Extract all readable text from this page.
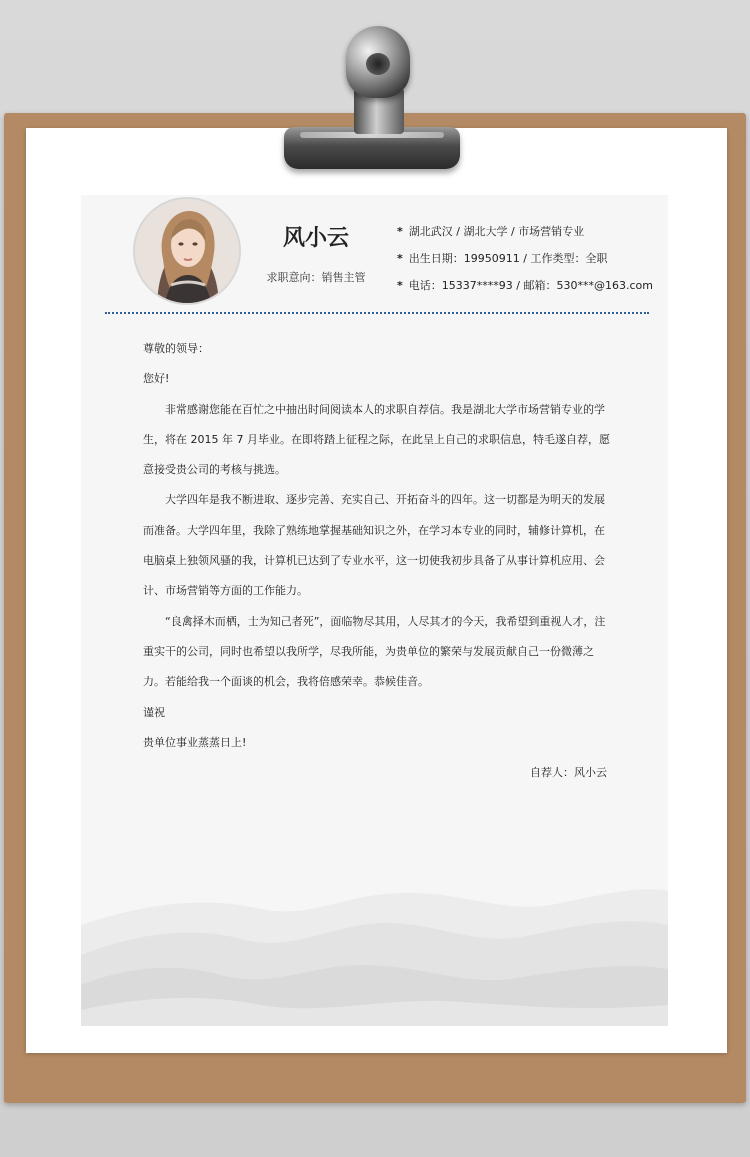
风小云
求职意向：销售主管
* 湖北武汉 / 湖北大学 / 市场营销专业
* 出生日期：19950911 / 工作类型：全职
* 电话：15337****93 / 邮箱：530***@163.com

尊敬的领导：

您好!

非常感谢您能在百忙之中抽出时间阅读本人的求职自荐信。我是湖北大学市场营销专业的学生，将在 2015 年 7 月毕业。在即将踏上征程之际，在此呈上自己的求职信息，特毛遂自荐，愿意接受贵公司的考核与挑选。

大学四年是我不断进取、逐步完善、充实自己、开拓奋斗的四年。这一切都是为明天的发展而准备。大学四年里，我除了熟练地掌握基础知识之外，在学习本专业的同时，辅修计算机，在电脑桌上独领风骚的我，计算机已达到了专业水平，这一切使我初步具备了从事计算机应用、会计、市场营销等方面的工作能力。

“良禽择木而栖，士为知己者死”，面临物尽其用，人尽其才的今天，我希望到重视人才，注重实干的公司，同时也希望以我所学，尽我所能，为贵单位的繁荣与发展贡献自己一份微薄之力。若能给我一个面谈的机会，我将倍感荣幸。恭候佳音。

谨祝

贵单位事业蒸蒸日上!

自荐人：风小云
